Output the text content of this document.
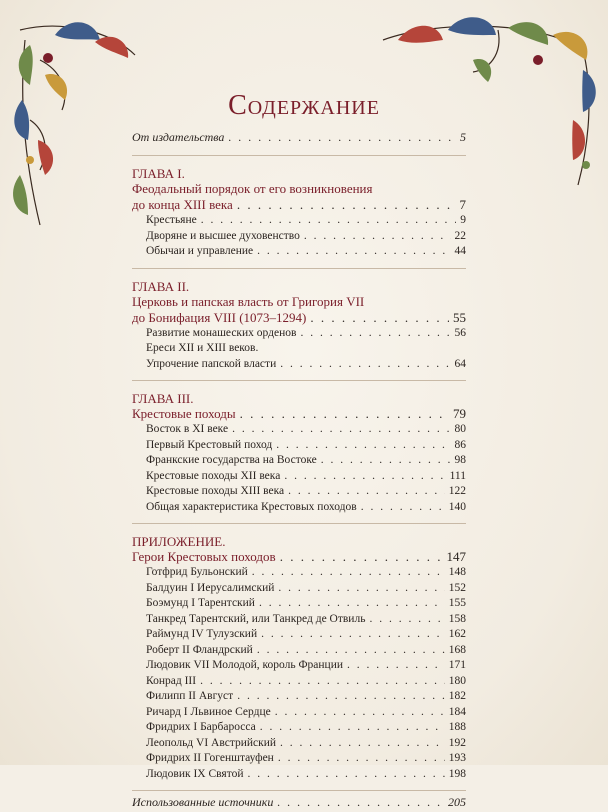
Содержание
От издательства . . .	5
ГЛАВА I.
Феодальный порядок от его возникновения
до конца XIII века . . .	7
Крестьяне . . .	9
Дворяне и высшее духовенство . . .	22
Обычаи и управление . . .	44
ГЛАВА II.
Церковь и папская власть от Григория VII
до Бонифация VIII (1073–1294) . . .	55
Развитие монашеских орденов . . .	56
Ереси XII и XIII веков.
Упрочение папской власти . . .	64
ГЛАВА III.
Крестовые походы . . .	79
Восток в XI веке . . .	80
Первый Крестовый поход . . .	86
Франкские государства на Востоке . . .	98
Крестовые походы XII века . . .	111
Крестовые походы XIII века . . .	122
Общая характеристика Крестовых походов . . .	140
ПРИЛОЖЕНИЕ.
Герои Крестовых походов . . .	147
Готфрид Бульонский . . .	148
Балдуин I Иерусалимский . . .	152
Боэмунд I Тарентский . . .	155
Танкред Тарентский, или Танкред де Отвиль . . .	158
Раймунд IV Тулузский . . .	162
Роберт II Фландрский . . .	168
Людовик VII Молодой, король Франции . . .	171
Конрад III . . .	180
Филипп II Август . . .	182
Ричард I Львиное Сердце . . .	184
Фридрих I Барбаросса . . .	188
Леопольд VI Австрийский . . .	192
Фридрих II Гогенштауфен . . .	193
Людовик IX Святой . . .	198
Использованные источники . . .	205
